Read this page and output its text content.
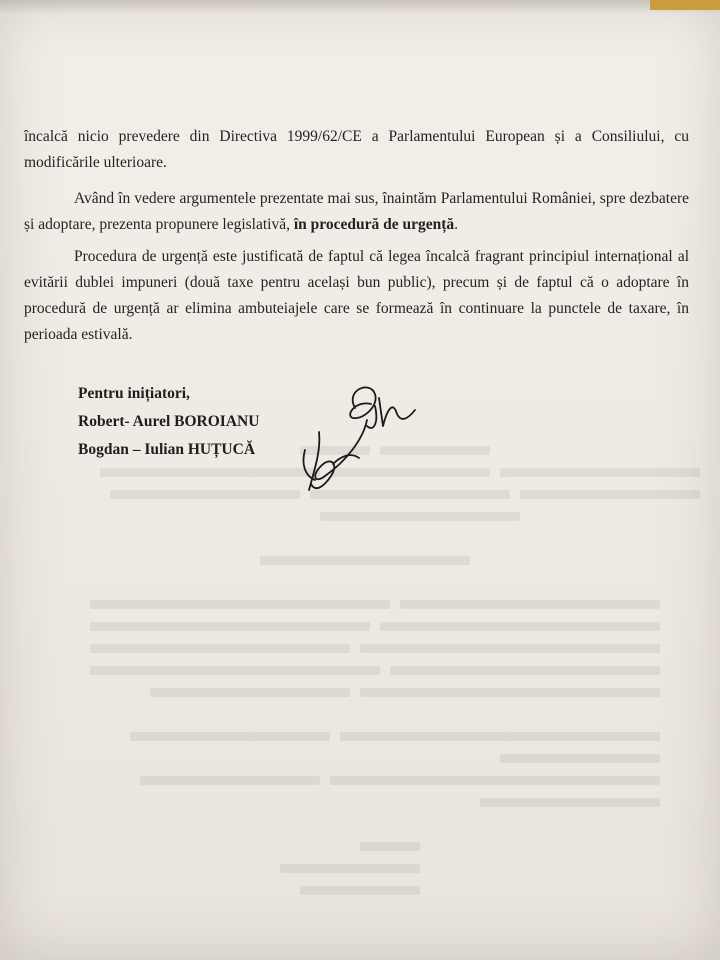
încalcă nicio prevedere din Directiva 1999/62/CE a Parlamentului European și a Consiliului, cu modificările ulterioare.

Având în vedere argumentele prezentate mai sus, înaintăm Parlamentului României, spre dezbatere și adoptare, prezenta propunere legislativă, în procedură de urgență.

Procedura de urgență este justificată de faptul că legea încalcă fragrant principiul internațional al evitării dublei impuneri (două taxe pentru același bun public), precum și de faptul că o adoptare în procedură de urgență ar elimina ambuteiajele care se formează în continuare la punctele de taxare, în perioada estivală.

Pentru inițiatori,
Robert- Aurel BOROIANU
Bogdan – Iulian HUȚUCĂ
